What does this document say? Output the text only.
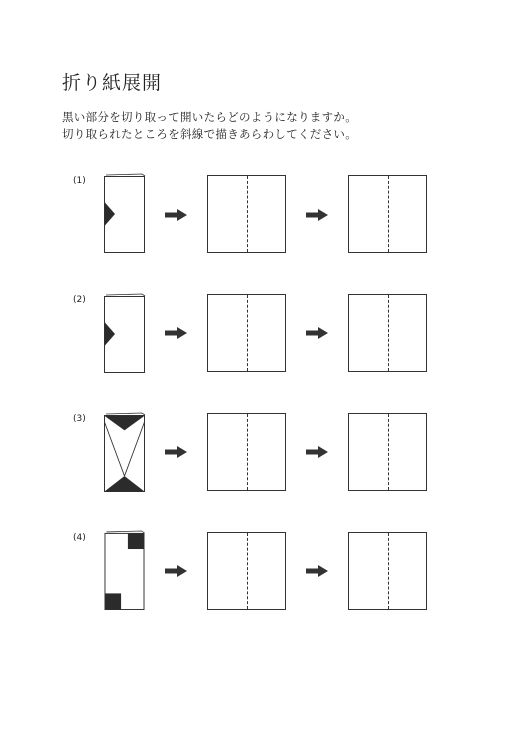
折り紙展開
黒い部分を切り取って開いたらどのようになりますか。
切り取られたところを斜線で描きあらわしてください。
(1)
(2)
(3)
(4)
